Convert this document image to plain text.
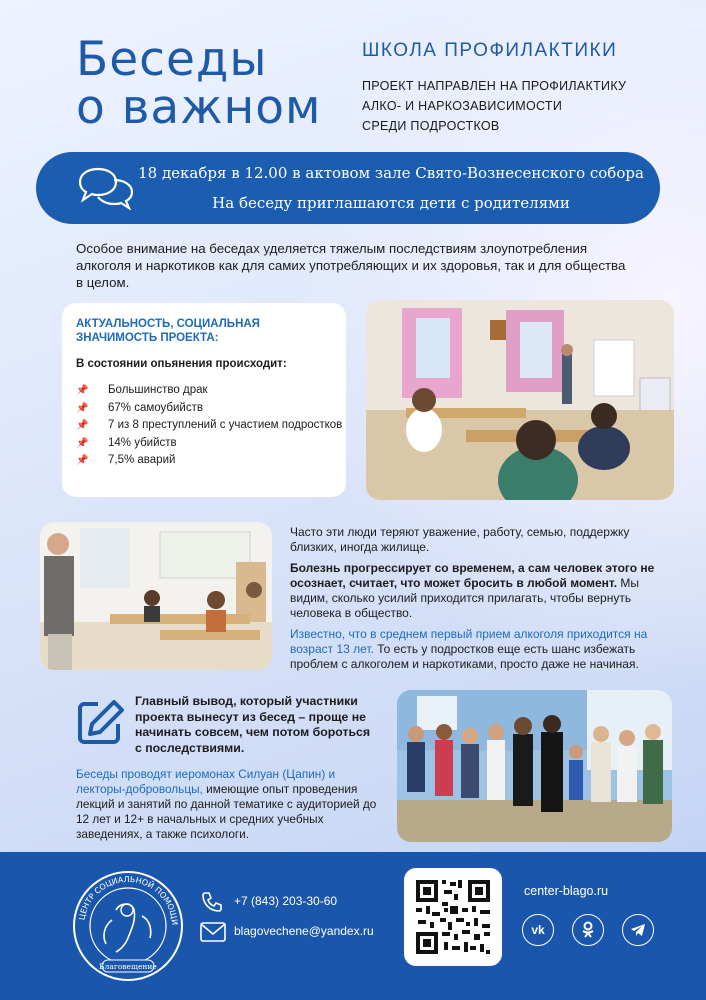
Беседы
о важном
ШКОЛА ПРОФИЛАКТИКИ
ПРОЕКТ НАПРАВЛЕН НА ПРОФИЛАКТИКУ
АЛКО- И НАРКОЗАВИСИМОСТИ
СРЕДИ ПОДРОСТКОВ
18 декабря в 12.00 в актовом зале Свято-Вознесенского собора
На беседу приглашаются дети с родителями
Особое внимание на беседах уделяется тяжелым последствиям злоупотребления алкоголя и наркотиков как для самих употребляющих и их здоровья, так и для общества в целом.
АКТУАЛЬНОСТЬ, СОЦИАЛЬНАЯ ЗНАЧИМОСТЬ ПРОЕКТА:
В состоянии опьянения происходит:
📌 Большинство драк
📌 67% самоубийств
📌 7 из 8 преступлений с участием подростков
📌 14% убийств
📌 7,5% аварий

Часто эти люди теряют уважение, работу, семью, поддержку близких, иногда жилище.

Болезнь прогрессирует со временем, а сам человек этого не осознает, считает, что может бросить в любой момент. Мы видим, сколько усилий приходится прилагать, чтобы вернуть человека в общество.

Известно, что в среднем первый прием алкоголя приходится на возраст 13 лет. То есть у подростков еще есть шанс избежать проблем с алкоголем и наркотиками, просто даже не начиная.

Главный вывод, который участники проекта вынесут из бесед – проще не начинать совсем, чем потом бороться с последствиями.
Беседы проводят иеромонах Силуан (Цапин) и лекторы-добровольцы, имеющие опыт проведения лекций и занятий по данной тематике с аудиторией до 12 лет и 12+ в начальных и средних учебных заведениях, а также психологи.
ЦЕНТР СОЦИАЛЬНОЙ ПОМОЩИ
Благовещение
+7 (843) 203-30-60
blagovechene@yandex.ru
center-blago.ru
vk
